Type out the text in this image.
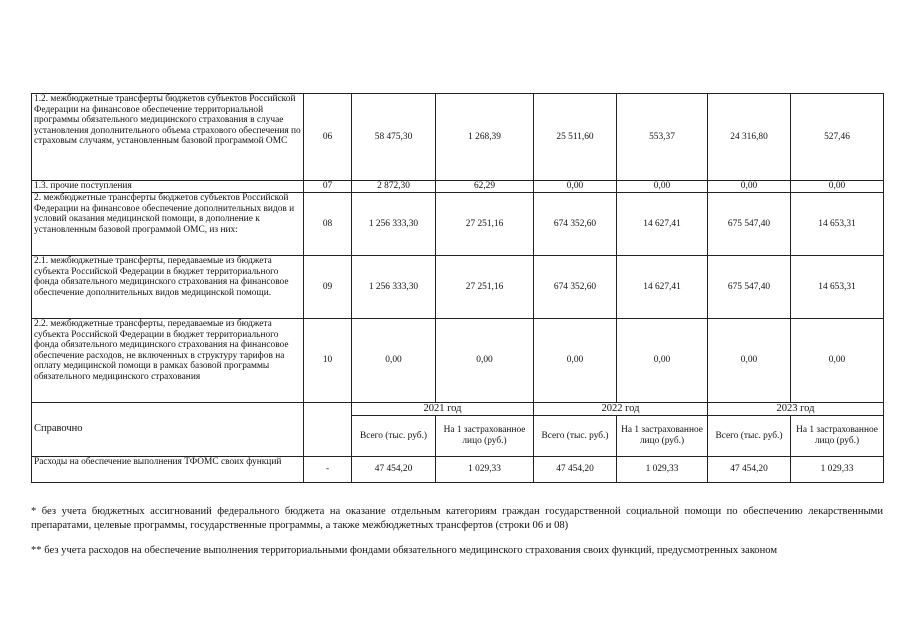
1.2. межбюджетные трансферты бюджетов субъектов Российской Федерации на финансовое обеспечение территориальной программы обязательного медицинского страхования в случае установления дополнительного объема страхового обеспечения по страховым случаям, установленным базовой программой ОМС	06	58 475,30	1 268,39	25 511,60	553,37	24 316,80	527,46
1.3. прочие поступления	07	2 872,30	62,29	0,00	0,00	0,00	0,00
2. межбюджетные трансферты бюджетов субъектов Российской Федерации на финансовое обеспечение дополнительных видов и условий оказания медицинской помощи, в дополнение к установленным базовой программой ОМС, из них:	08	1 256 333,30	27 251,16	674 352,60	14 627,41	675 547,40	14 653,31
2.1. межбюджетные трансферты, передаваемые из бюджета субъекта Российской Федерации в бюджет территориального фонда обязательного медицинского страхования на финансовое обеспечение дополнительных видов медицинской помощи.	09	1 256 333,30	27 251,16	674 352,60	14 627,41	675 547,40	14 653,31
2.2. межбюджетные трансферты, передаваемые из бюджета субъекта Российской Федерации в бюджет территориального фонда обязательного медицинского страхования на финансовое обеспечение расходов, не включенных в структуру тарифов на оплату медицинской помощи в рамках базовой программы обязательного медицинского страхования	10	0,00	0,00	0,00	0,00	0,00	0,00
Справочно		2021 год		2022 год		2023 год	
		Всего (тыс. руб.)	На 1 застрахованное лицо (руб.)	Всего (тыс. руб.)	На 1 застрахованное лицо (руб.)	Всего (тыс. руб.)	На 1 застрахованное лицо (руб.)
Расходы на обеспечение выполнения ТФОМС своих функций	-	47 454,20	1 029,33	47 454,20	1 029,33	47 454,20	1 029,33
* без учета бюджетных ассигнований федерального бюджета на оказание отдельным категориям граждан государственной социальной помощи по обеспечению лекарственными препаратами, целевые программы, государственные программы, а также межбюджетных трансфертов (строки 06 и 08)
** без учета расходов на обеспечение выполнения территориальными фондами обязательного медицинского страхования своих функций, предусмотренных законом
